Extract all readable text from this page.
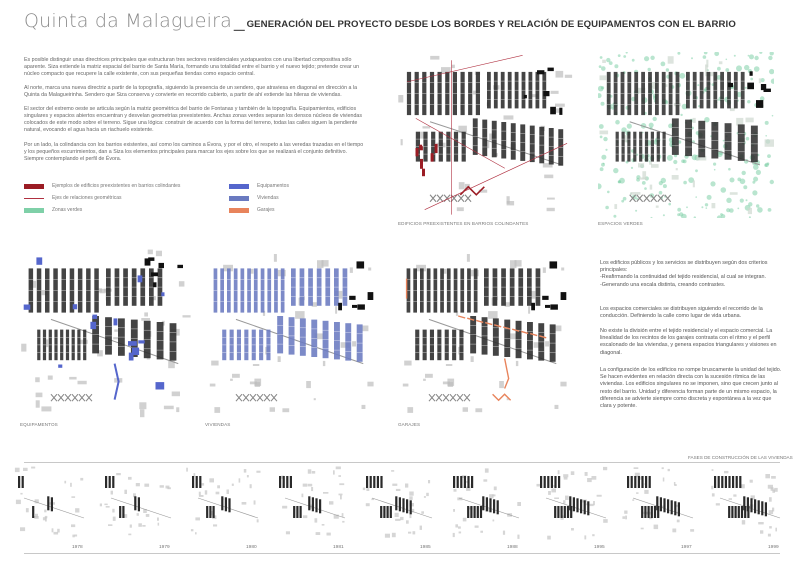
Quinta da Malagueira _ GENERACIÓN DEL PROYECTO DESDE LOS BORDES Y RELACIÓN DE EQUIPAMENTOS CON EL BARRIO
Es posible distinguir unas directrices principales que estructuran tres sectores residenciales yuxtapuestos con una libertad compositiva sólo aparente. Siza extiende la matriz espacial del barrio de Santa María, formando una totalidad entre el barrio y el nuevo tejido; pretende crear un núcleo compacto que recupere la calle existente, con sus pequeñas tiendas como espacio central.
Al norte, marca una nueva directriz a partir de la topografía, siguiendo la presencia de un sendero, que atraviesa en diagonal en dirección a la Quinta da Malagueirinha. Sendero que Siza conserva y convierte en recorrido cubierto, a partir de ahí extiende las hileras de viviendas.
El sector del extremo oeste se articula según la matriz geométrica del barrio de Fontanas y también de la topografía. Equipamientos, edificios singulares y espacios abiertos encuentran y desvelan geometrías preexistentes. Anchas zonas verdes separan los densos núcleos de viviendas colocados de este modo sobre el terreno. Sigue una lógica: construir de acuerdo con la forma del terreno, todas las calles siguen la pendiente natural, evocando el agua hacia un riachuelo existente.
Por un lado, la colindancia con los barrios existentes, así como los caminos a Évora, y por el otro, el respeto a las veredas trazadas en el tiempo y los pequeños escurrimientos, dan a Siza los elementos principales para marcar los ejes sobre los que se realizará el conjunto definitivo. Siempre contemplando el perfil de Évora.
Ejemplos de edificios preexistentes en barrios colindantes
Ejes de relaciones geométricas
Zonas verdes
Equipamentos
Viviendas
Garajes
EDIFICIOS PREEXISTENTES EN BARRIOS COLINDANTES	ESPACIOS VERDES
EQUIPAMENTOS	VIVIENDAS	GARAJES
Los edificios públicos y los servicios se distribuyen según dos criterios principales:
-Reafirmando la continuidad del tejido residencial, al cual se integran.
-Generando una escala distinta, creando contrastes.
Los espacios comerciales se distribuyen siguiendo el recorrido de la conducción. Definiendo la calle como lugar de vida urbana.
No existe la división entre el tejido residencial y el espacio comercial. La linealidad de los recintos de los garajes contrasta con el ritmo y el perfil escalonado de las viviendas, y genera espacios triangulares y visiones en diagonal.
La configuración de los edificios no rompe bruscamente la unidad del tejido. Se hacen evidentes en relación directa con la sucesión rítmica de las viviendas. Los edificios singulares no se imponen, sino que crecen junto al resto del barrio. Unidad y diferencia forman parte de un mismo espacio, la diferencia se advierte siempre como discreta y espontánea a la vez que clara y potente.
FASES DE CONSTRUCCIÓN DE LAS VIVIENDAS
1978	1979	1980	1981	1985	1988	1995	1997	1999
